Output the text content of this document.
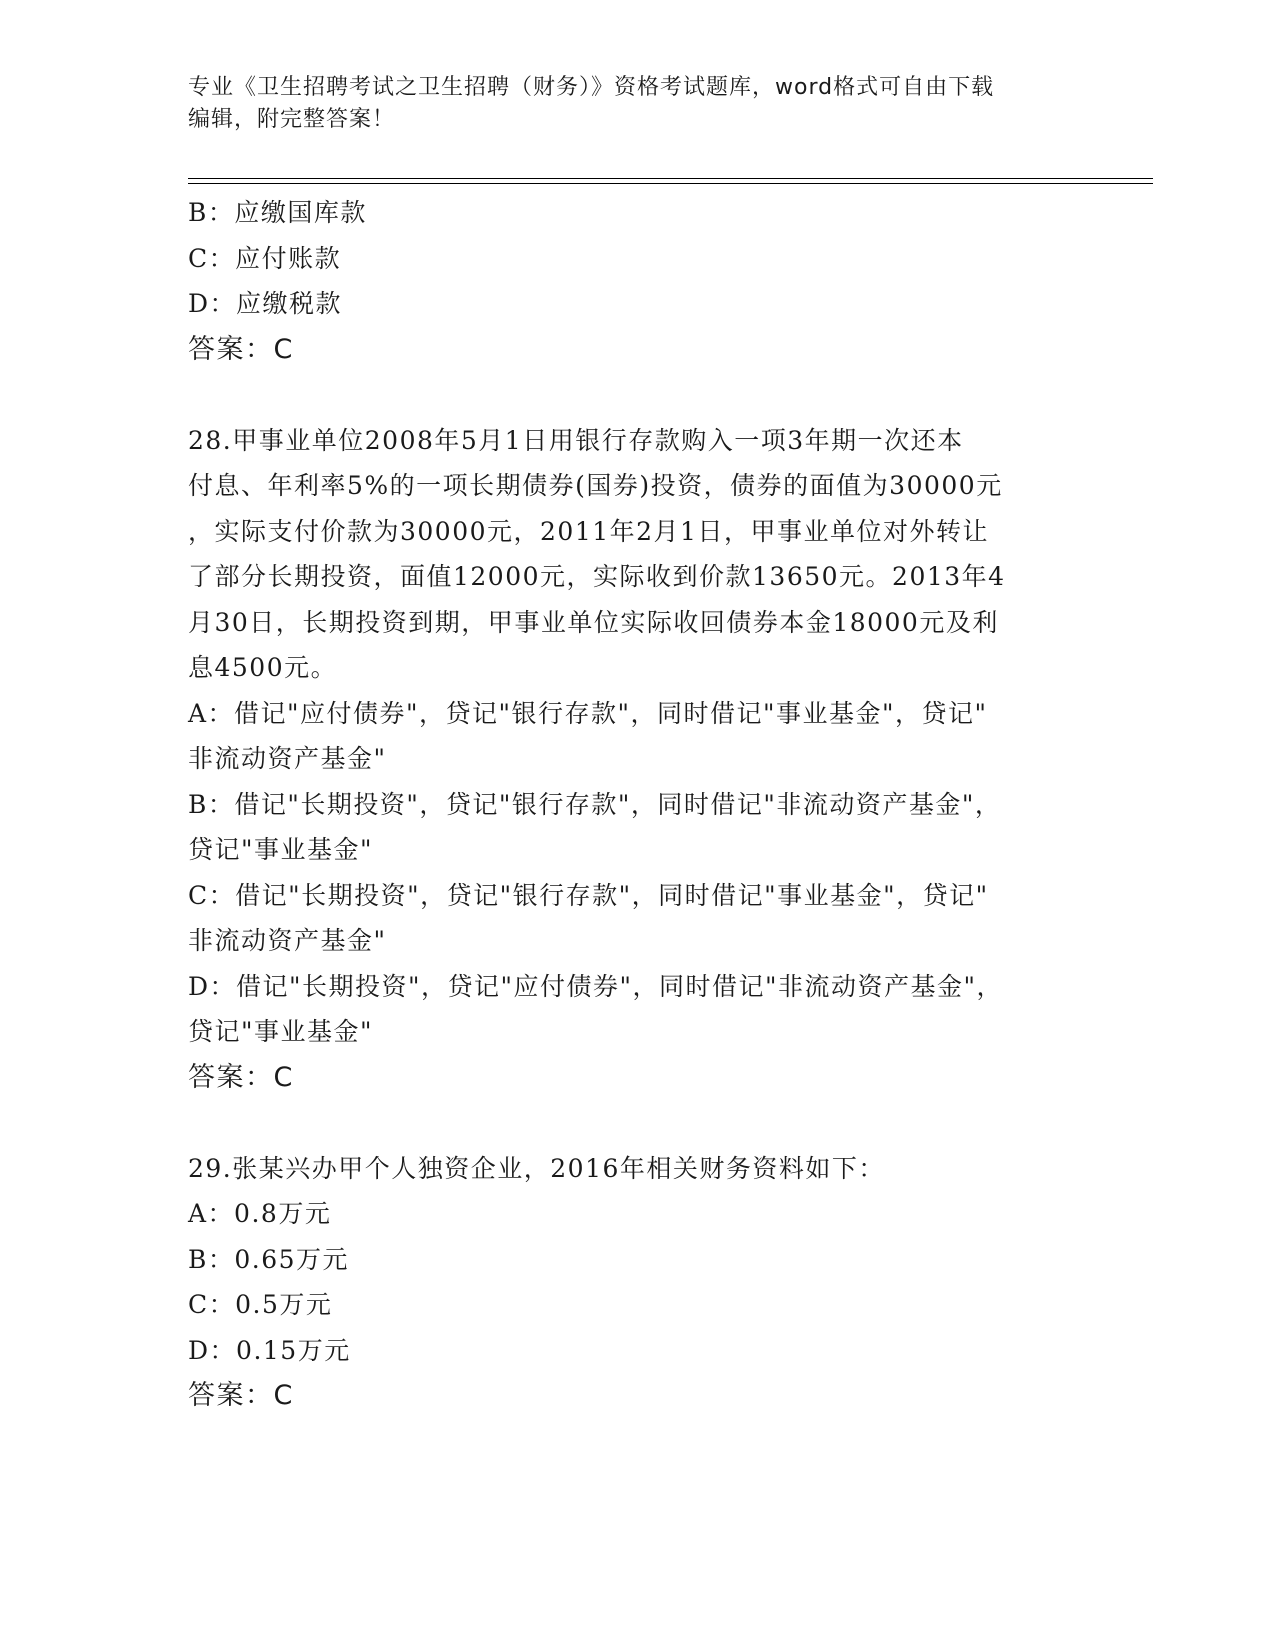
专业《卫生招聘考试之卫生招聘（财务）》资格考试题库，word格式可自由下载

编辑，附完整答案！

B：应缴国库款

C：应付账款

D：应缴税款

答案：C

28.甲事业单位2008年5月1日用银行存款购入一项3年期一次还本

付息、年利率5%的一项长期债券(国券)投资，债券的面值为30000元

，实际支付价款为30000元，2011年2月1日，甲事业单位对外转让

了部分长期投资，面值12000元，实际收到价款13650元。2013年4

月30日，长期投资到期，甲事业单位实际收回债券本金18000元及利

息4500元。

A：借记"应付债券"，贷记"银行存款"，同时借记"事业基金"，贷记"

非流动资产基金"

B：借记"长期投资"，贷记"银行存款"，同时借记"非流动资产基金"，

贷记"事业基金"

C：借记"长期投资"，贷记"银行存款"，同时借记"事业基金"，贷记"

非流动资产基金"

D：借记"长期投资"，贷记"应付债券"，同时借记"非流动资产基金"，

贷记"事业基金"

答案：C

29.张某兴办甲个人独资企业，2016年相关财务资料如下：

A：0.8万元

B：0.65万元

C：0.5万元

D：0.15万元

答案：C
